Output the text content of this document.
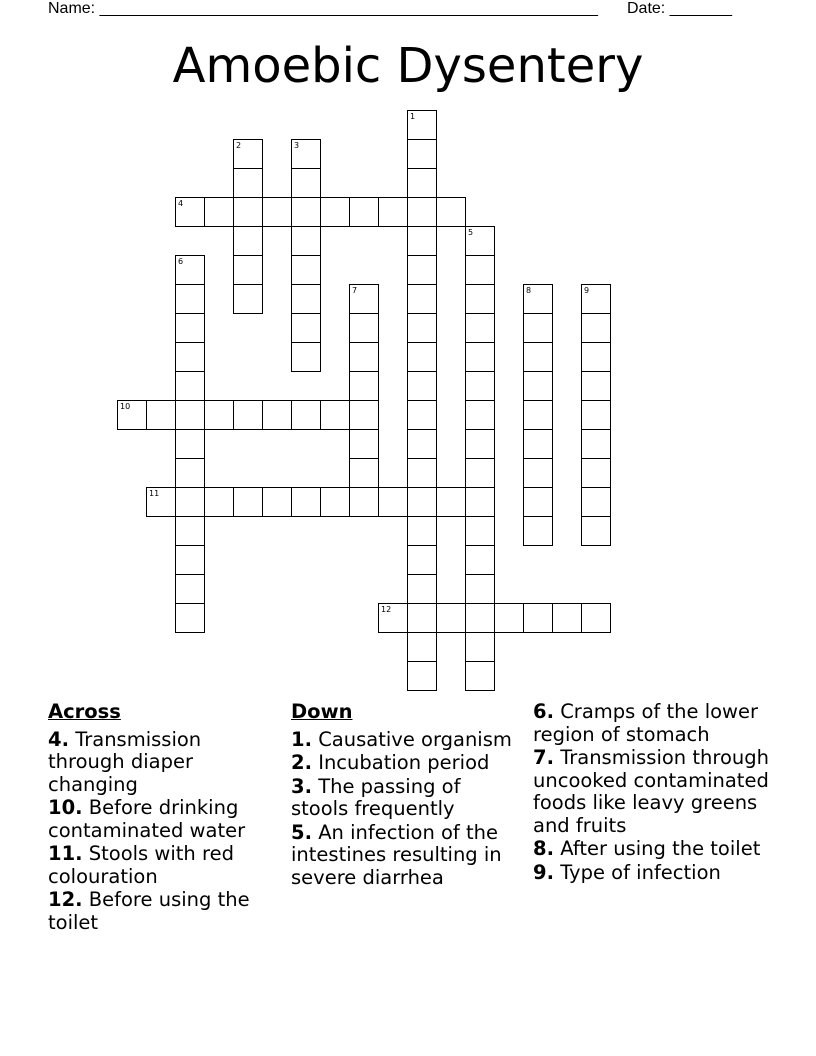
Name: ________________________________________________________ Date: _______
Amoebic Dysentery
1
2	3
4
5
6
7	8	9
10
11
12
Across
4. Transmission through diaper changing
10. Before drinking contaminated water
11. Stools with red colouration
12. Before using the toilet
Down
1. Causative organism
2. Incubation period
3. The passing of stools frequently
5. An infection of the intestines resulting in severe diarrhea
6. Cramps of the lower region of stomach
7. Transmission through uncooked contaminated foods like leavy greens and fruits
8. After using the toilet
9. Type of infection
